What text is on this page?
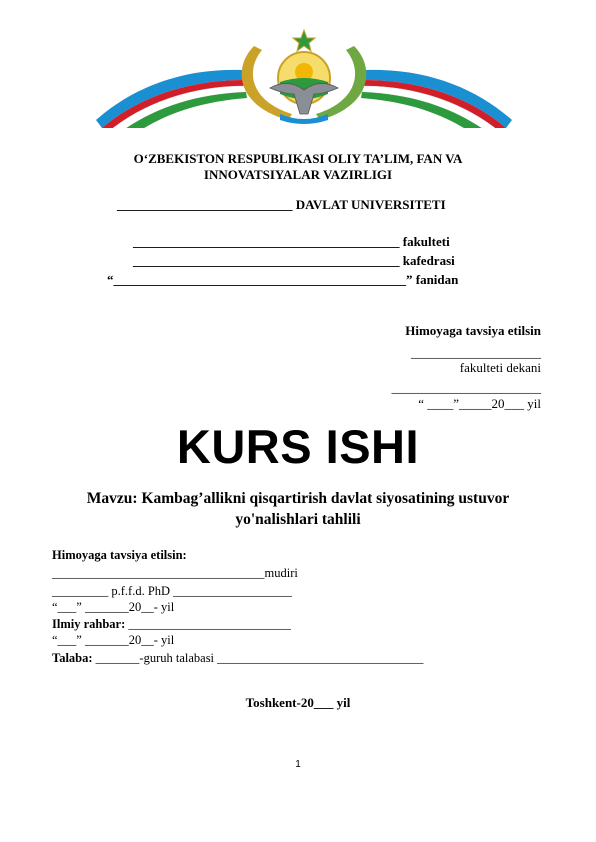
O‘ZBEKISTON RESPUBLIKASI OLIY TA’LIM, FAN VA
INNOVATSIYALAR VAZIRLIGI
___________________________ DAVLAT UNIVERSITETI
_________________________________________ fakulteti
_________________________________________ kafedrasi
“_____________________________________________” fanidan
Himoyaga tavsiya etilsin
____________________
fakulteti dekani
_______________________
“ ____”_____20___ yil
KURS ISHI
Mavzu: Kambag’allikni qisqartirish davlat siyosatining ustuvor
yo'nalishlari tahlili
Himoyaga tavsiya etilsin:
__________________________________mudiri
_________ p.f.f.d. PhD ___________________
“___” _______20__- yil
Ilmiy rahbar: __________________________
“___” _______20__- yil
Talaba: _______-guruh talabasi _________________________________
Toshkent-20___ yil
1
